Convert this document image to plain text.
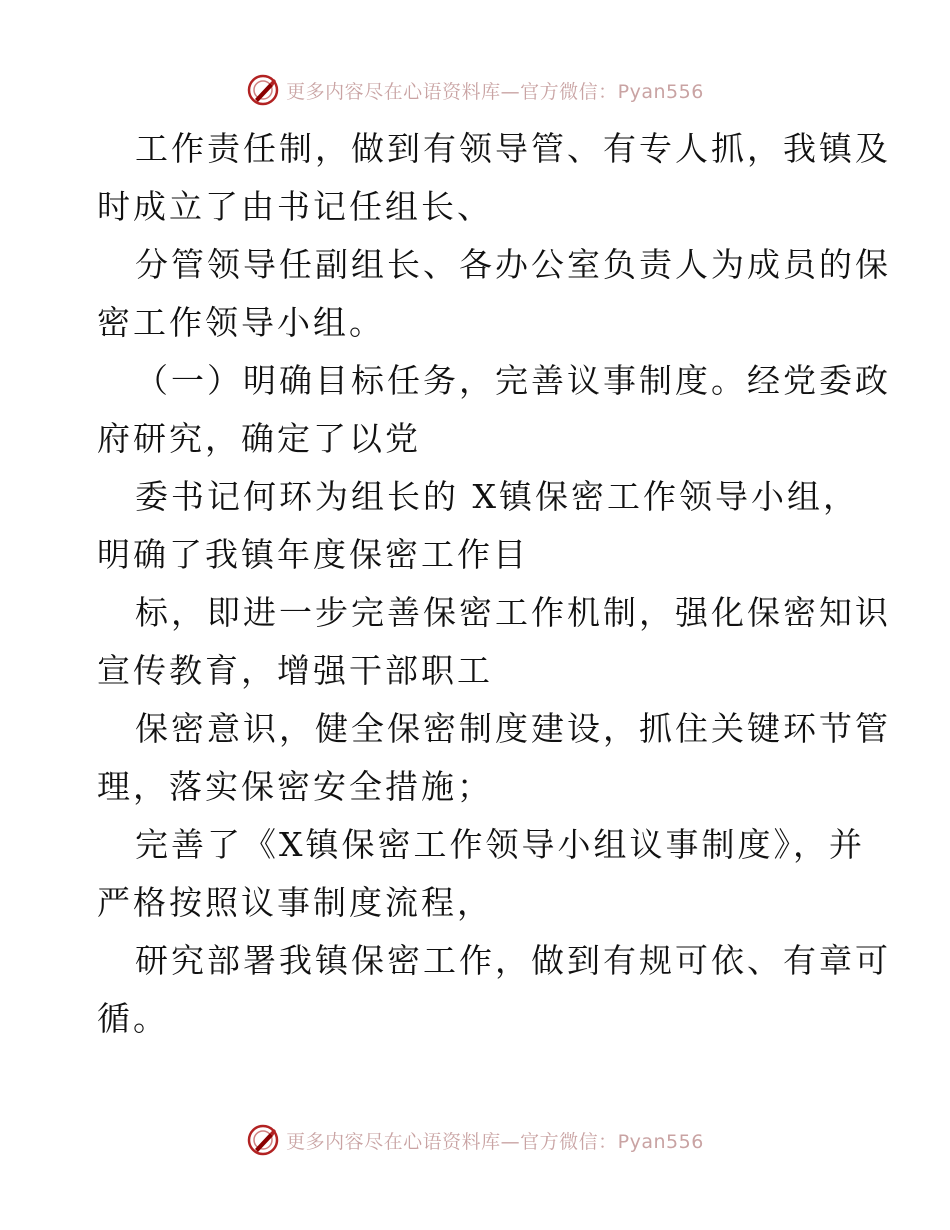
更多内容尽在心语资料库—官方微信：Pyan556
工作责任制，做到有领导管、有专人抓，我镇及
时成立了由书记任组长、
分管领导任副组长、各办公室负责人为成员的保
密工作领导小组。
（一）明确目标任务，完善议事制度。经党委政
府研究，确定了以党
委书记何环为组长的 X镇保密工作领导小组，
明确了我镇年度保密工作目
标，即进一步完善保密工作机制，强化保密知识
宣传教育，增强干部职工
保密意识，健全保密制度建设，抓住关键环节管
理，落实保密安全措施；
完善了《X镇保密工作领导小组议事制度》，并
严格按照议事制度流程，
研究部署我镇保密工作，做到有规可依、有章可
循。
更多内容尽在心语资料库—官方微信：Pyan556
